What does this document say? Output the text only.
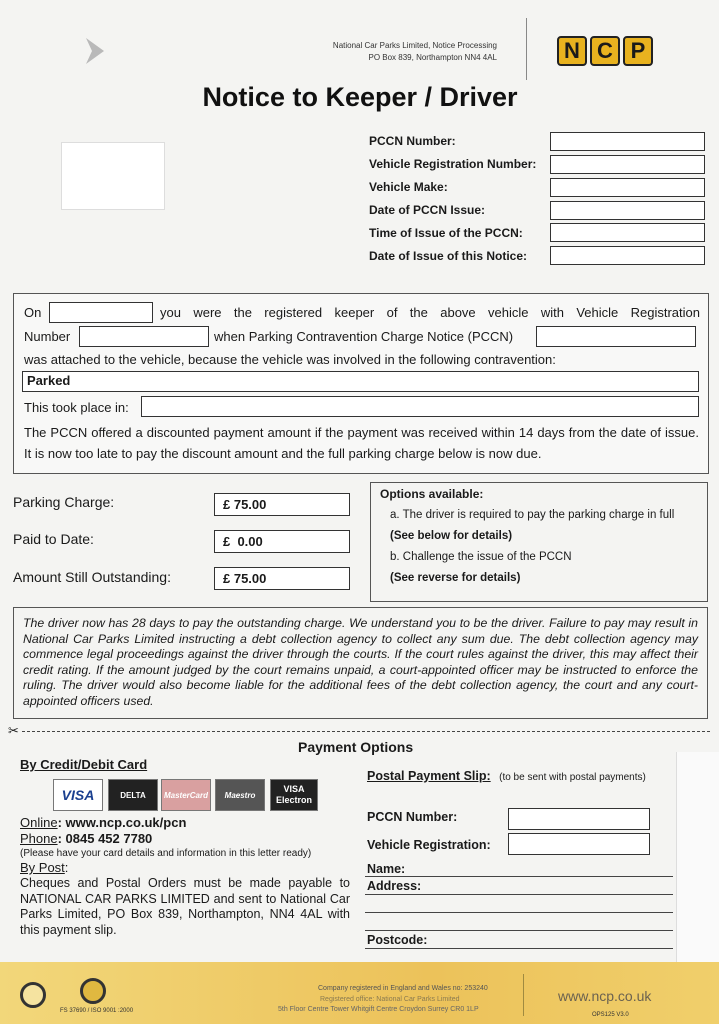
National Car Parks Limited, Notice Processing
PO Box 839, Northampton NN4 4AL	N C P
Notice to Keeper / Driver
PCCN Number:
Vehicle Registration Number:
Vehicle Make:
Date of PCCN Issue:
Time of Issue of the PCCN:
Date of Issue of this Notice:
On	you were the registered keeper of the above vehicle with Vehicle Registration
Number	when Parking Contravention Charge Notice (PCCN)
was attached to the vehicle, because the vehicle was involved in the following contravention:
Parked
This took place in:
The PCCN offered a discounted payment amount if the payment was received within 14 days from the date of issue. It is now too late to pay the discount amount and the full parking charge below is now due.
Parking Charge:	£ 75.00
Paid to Date:	£  0.00
Amount Still Outstanding:	£ 75.00
Options available:
a. The driver is required to pay the parking charge in full
(See below for details)
b. Challenge the issue of the PCCN
(See reverse for details)
The driver now has 28 days to pay the outstanding charge. We understand you to be the driver. Failure to pay may result in National Car Parks Limited instructing a debt collection agency to collect any sum due. The debt collection agency may commence legal proceedings against the driver through the courts. If the court rules against the driver, this may affect their credit rating. If the amount judged by the court remains unpaid, a court-appointed officer may be instructed to enforce the ruling. The driver would also become liable for the additional fees of the debt collection agency, the court and any court-appointed officers used.
✂
Payment Options
By Credit/Debit Card
VISA	DELTA	MasterCard	Maestro
VISA Electron
Online: www.ncp.co.uk/pcn
Phone: 0845 452 7780
(Please have your card details and information in this letter ready)
By Post:
Cheques and Postal Orders must be made payable to NATIONAL CAR PARKS LIMITED and sent to National Car Parks Limited, PO Box 839, Northampton, NN4 4AL with this payment slip.
Postal Payment Slip: (to be sent with postal payments)
PCCN Number:
Vehicle Registration:
Name:
Address:
Postcode:
FS 37690 / ISO 9001 :2000
Company registered in England and Wales no: 253240
Registered office: National Car Parks Limited
5th Floor Centre Tower Whitgift Centre Croydon Surrey CR0 1LP
www.ncp.co.uk
OPS125 V3.0
